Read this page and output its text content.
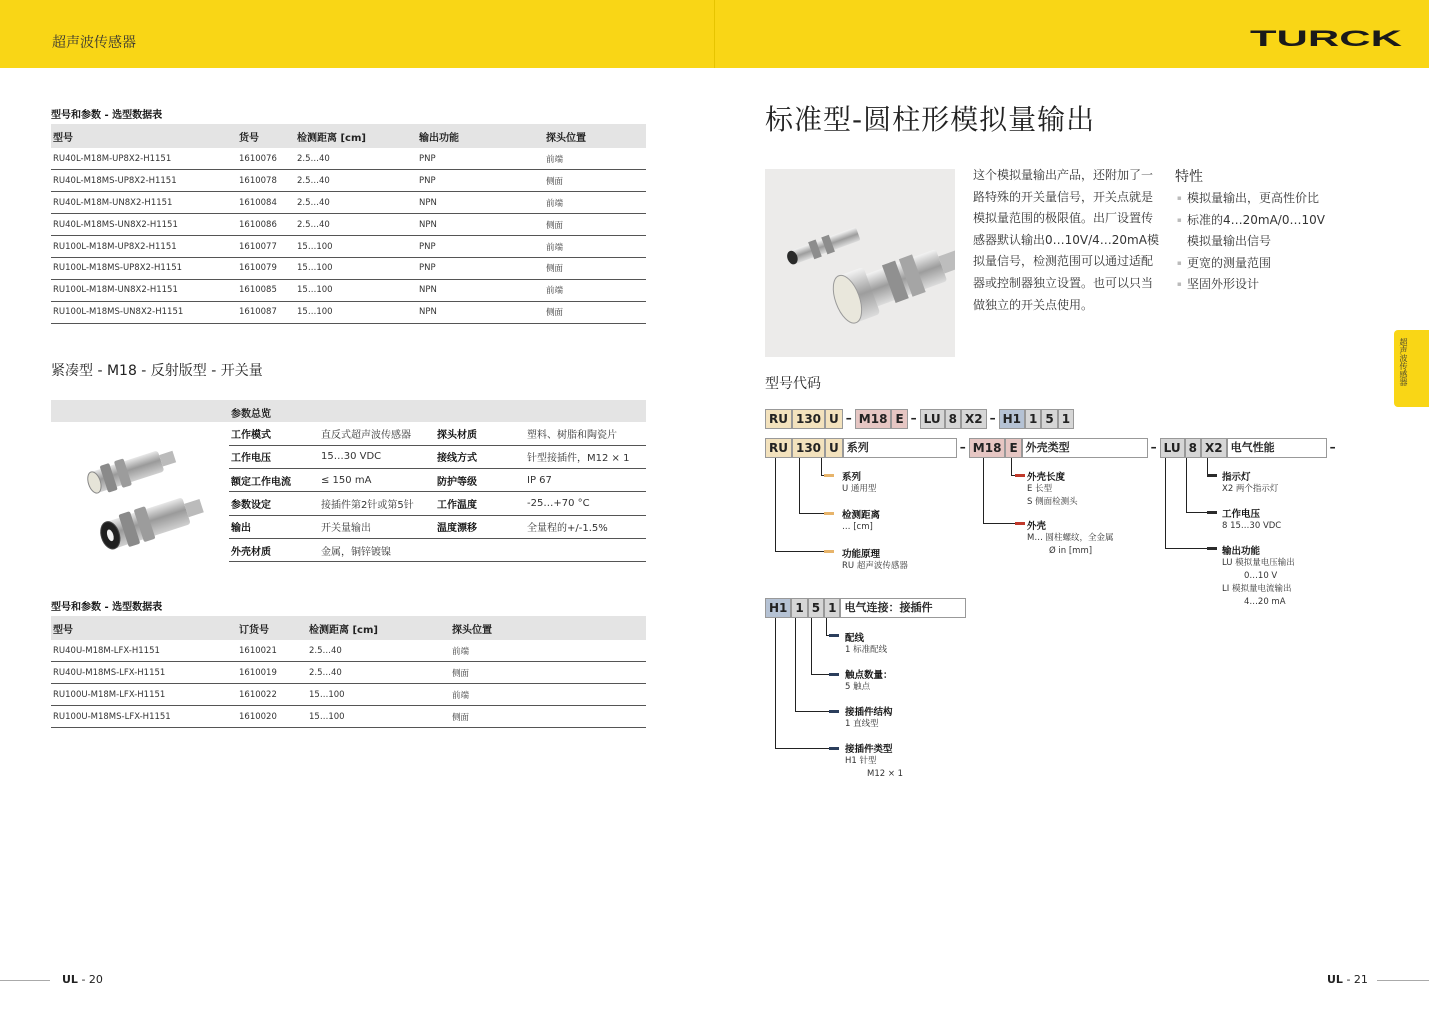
超声波传感器	TURCK
型号和参数 - 选型数据表
型号	货号	检测距离 [cm]	输出功能	探头位置
RU40L-M18M-UP8X2-H1151	1610076	2.5…40	PNP	前端
RU40L-M18MS-UP8X2-H1151	1610078	2.5…40	PNP	侧面
RU40L-M18M-UN8X2-H1151	1610084	2.5…40	NPN	前端
RU40L-M18MS-UN8X2-H1151	1610086	2.5…40	NPN	侧面
RU100L-M18M-UP8X2-H1151	1610077	15…100	PNP	前端
RU100L-M18MS-UP8X2-H1151	1610079	15…100	PNP	侧面
RU100L-M18M-UN8X2-H1151	1610085	15…100	NPN	前端
RU100L-M18MS-UN8X2-H1151	1610087	15…100	NPN	侧面
紧凑型 - M18 - 反射版型 - 开关量
参数总览
工作模式	直反式超声波传感器	探头材质	塑料、树脂和陶瓷片
工作电压	15…30 VDC	接线方式	针型接插件，M12 × 1
额定工作电流	≤ 150 mA	防护等级	IP 67
参数设定	接插件第2针或第5针	工作温度	-25…+70 °C
输出	开关量输出	温度漂移	全量程的+/-1.5%
外壳材质	金属，铜锌镀镍		
型号和参数 - 选型数据表
型号	订货号	检测距离 [cm]	探头位置
RU40U-M18M-LFX-H1151	1610021	2.5…40	前端
RU40U-M18MS-LFX-H1151	1610019	2.5…40	侧面
RU100U-M18M-LFX-H1151	1610022	15…100	前端
RU100U-M18MS-LFX-H1151	1610020	15…100	侧面
UL - 20
标准型-圆柱形模拟量输出
这个模拟量输出产品，还附加了一路特殊的开关量信号，开关点就是模拟量范围的极限值。出厂设置传感器默认输出0…10V/4…20mA模拟量信号，检测范围可以通过适配器或控制器独立设置。也可以只当做独立的开关点使用。
特性
▪ 模拟量输出，更高性价比
▪ 标准的4…20mA/0…10V
模拟量输出信号
▪ 更宽的测量范围
▪ 坚固外形设计
型号代码
RU 130 U – M18 E – LU 8 X2 – H1 1 5 1
RU 130 U 系列	– M18 E 外壳类型	– LU 8 X2 电气性能	–
系列
U 通用型
检测距离
… [cm]
功能原理
RU 超声波传感器
外壳长度
E 长型
S 侧面检测头
外壳
M… 圆柱螺纹，全金属
Ø in [mm]
指示灯
X2 两个指示灯
工作电压
8 15…30 VDC
输出功能
LU 模拟量电压输出
0…10 V
LI 模拟量电流输出
4…20 mA
H1 1 5 1 电气连接：接插件
配线
1 标准配线
触点数量：
5 触点
接插件结构
1 直线型
接插件类型
H1 针型
M12 × 1
UL - 21
超声波传感器
